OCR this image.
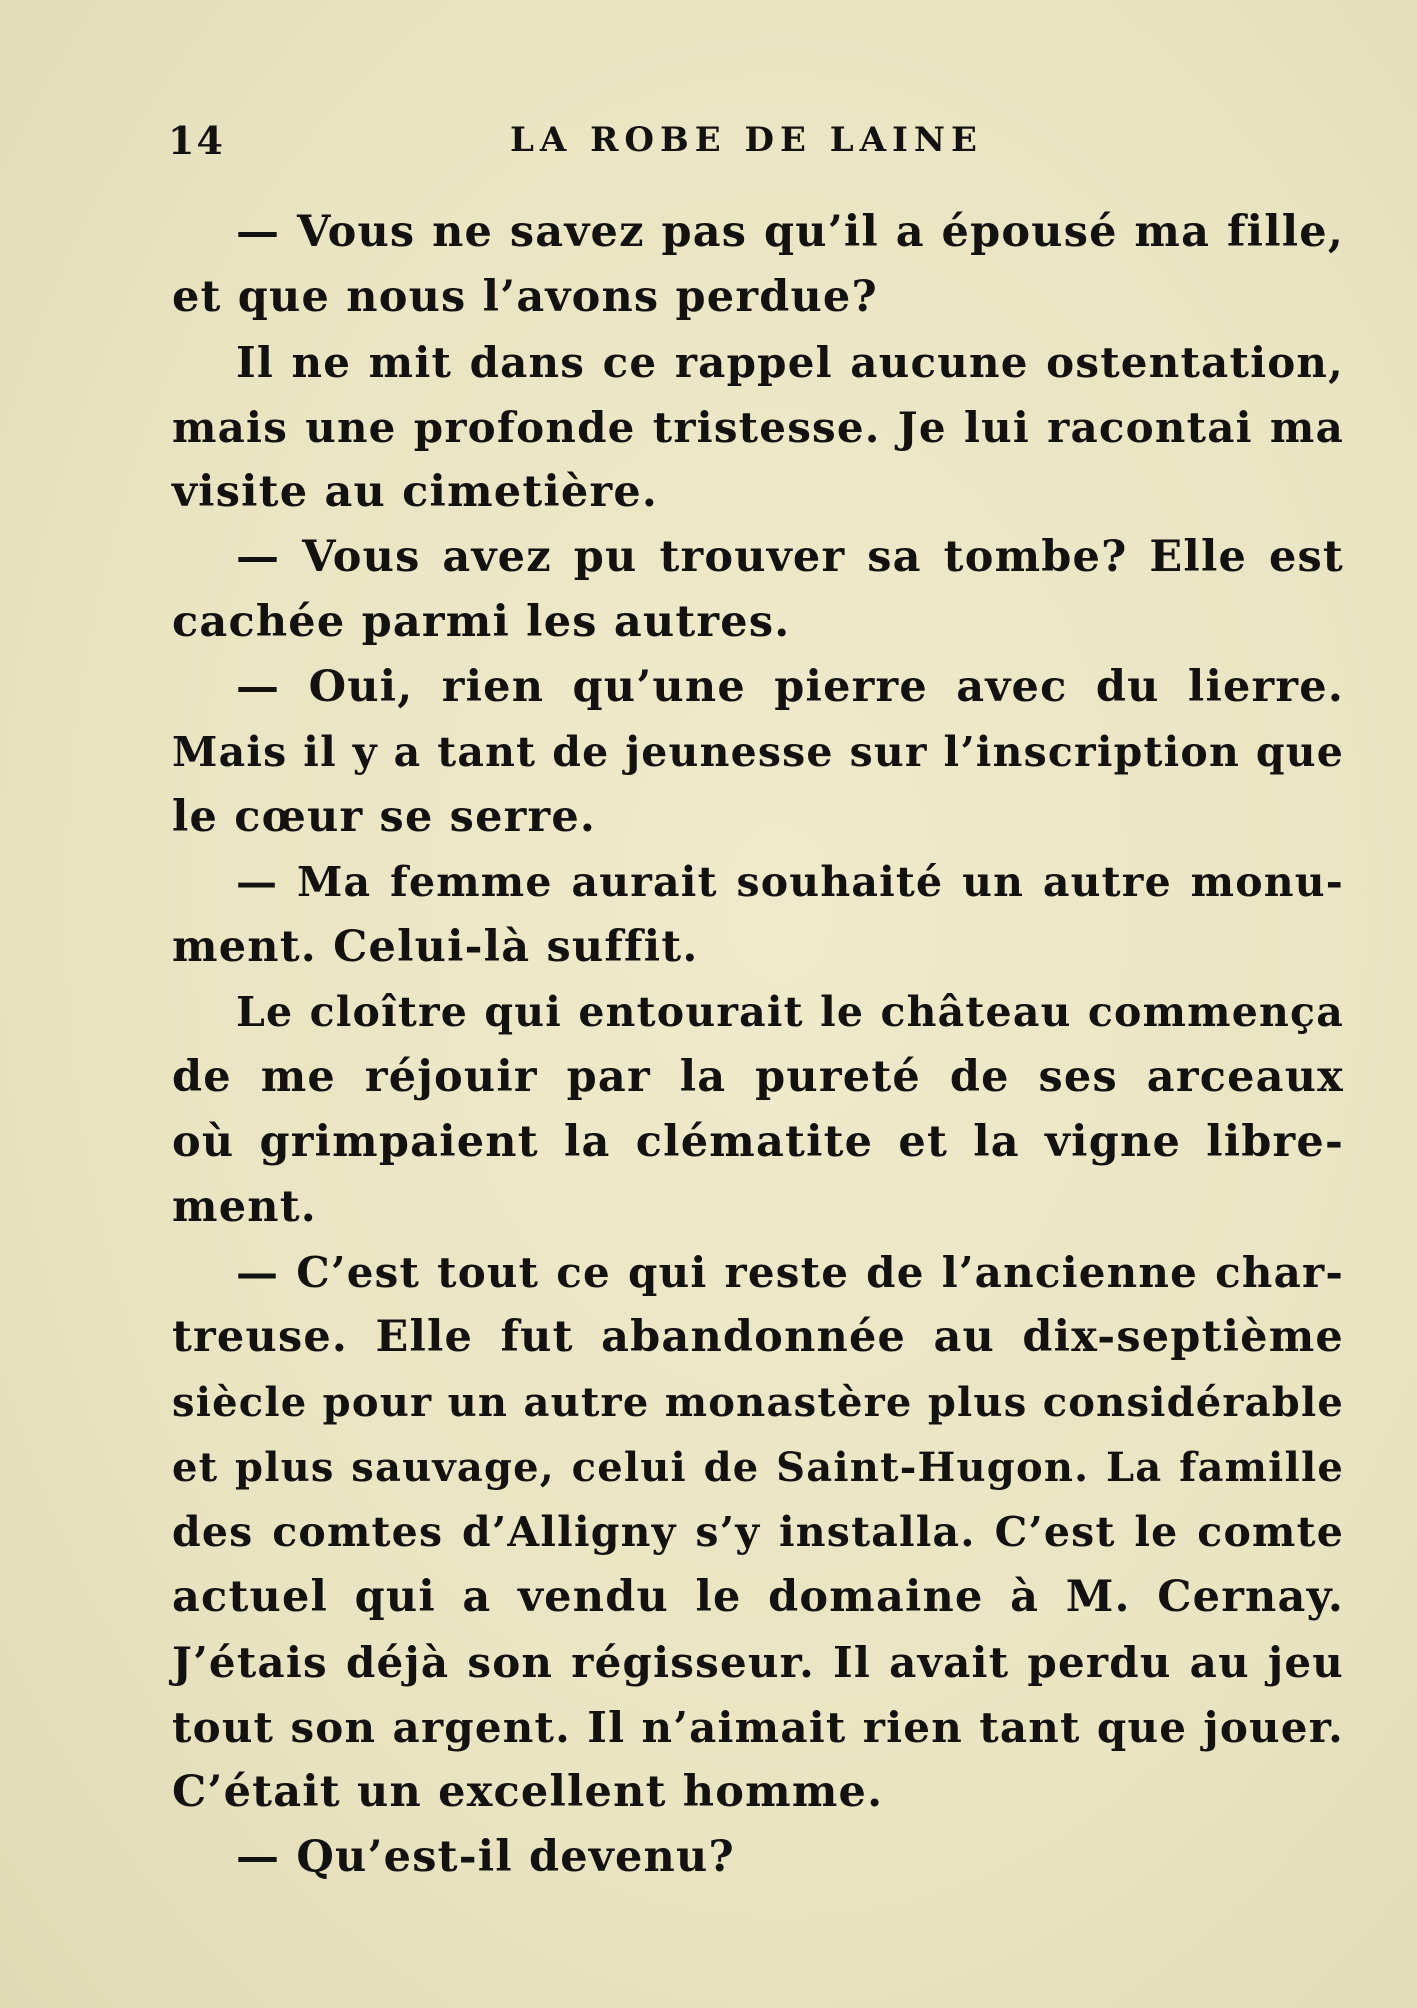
14	LA ROBE DE LAINE
— Vous ne savez pas qu’il a épousé ma fille,
et que nous l’avons perdue?
Il ne mit dans ce rappel aucune ostentation,
mais une profonde tristesse. Je lui racontai ma
visite au cimetière.
— Vous avez pu trouver sa tombe? Elle est
cachée parmi les autres.
— Oui, rien qu’une pierre avec du lierre.
Mais il y a tant de jeunesse sur l’inscription que
le cœur se serre.
— Ma femme aurait souhaité un autre monu-
ment. Celui-là suffit.
Le cloître qui entourait le château commença
de me réjouir par la pureté de ses arceaux
où grimpaient la clématite et la vigne libre-
ment.
— C’est tout ce qui reste de l’ancienne char-
treuse. Elle fut abandonnée au dix-septième
siècle pour un autre monastère plus considérable
et plus sauvage, celui de Saint-Hugon. La famille
des comtes d’Alligny s’y installa. C’est le comte
actuel qui a vendu le domaine à M. Cernay.
J’étais déjà son régisseur. Il avait perdu au jeu
tout son argent. Il n’aimait rien tant que jouer.
C’était un excellent homme.
— Qu’est-il devenu?
